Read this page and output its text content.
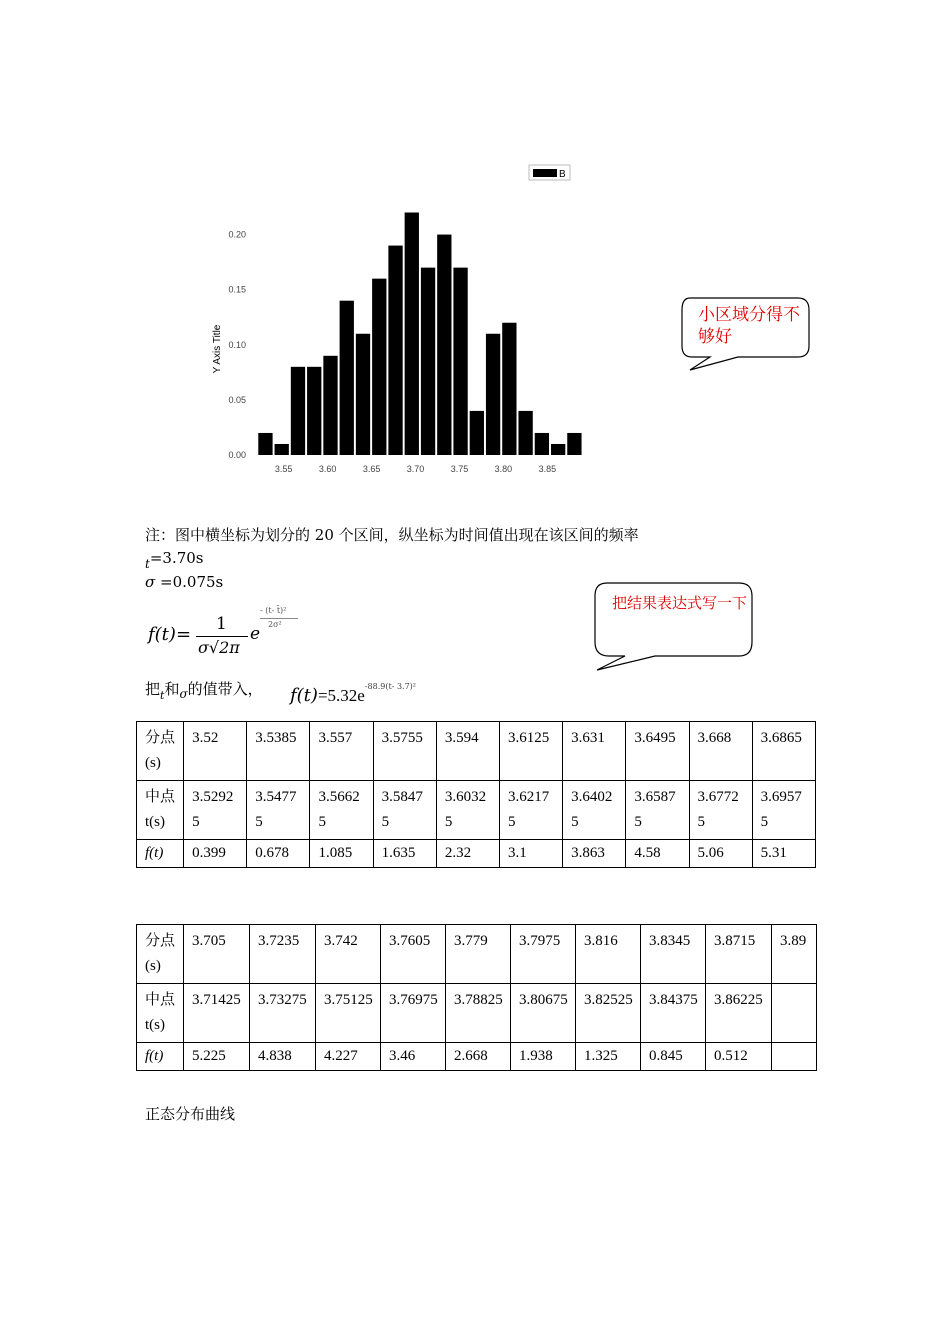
B
Y Axis Title
0.00
0.05
0.10
0.15
0.20
3.55	3.60	3.65	3.70	3.75	3.80	3.85
小区域分得不够好
注：图中横坐标为划分的 20 个区间，纵坐标为时间值出现在该区间的频率
$_t$=3.70s
σ =0.075s
f(t)= 1
σ√2π
e
- (t- t̄)²
2σ²
把结果表达式写一下
把$_t$和$_\sigma$的值带入， $f(t)=5.32e^{-88.9(t- 3.7)^2}$
分点(s)	3.52	3.5385	3.557	3.5755	3.594	3.6125	3.631	3.6495	3.668	3.6865
中点t(s)	3.52925	3.54775	3.56625	3.58475	3.60325	3.62175	3.64025	3.65875	3.67725	3.69575
f(t)	0.399	0.678	1.085	1.635	2.32	3.1	3.863	4.58	5.06	5.31
分点(s)	3.705	3.7235	3.742	3.7605	3.779	3.7975	3.816	3.8345	3.8715	3.89
中点t(s)	3.71425	3.73275	3.75125	3.76975	3.78825	3.80675	3.82525	3.84375	3.86225	
f(t)	5.225	4.838	4.227	3.46	2.668	1.938	1.325	0.845	0.512	
正态分布曲线
